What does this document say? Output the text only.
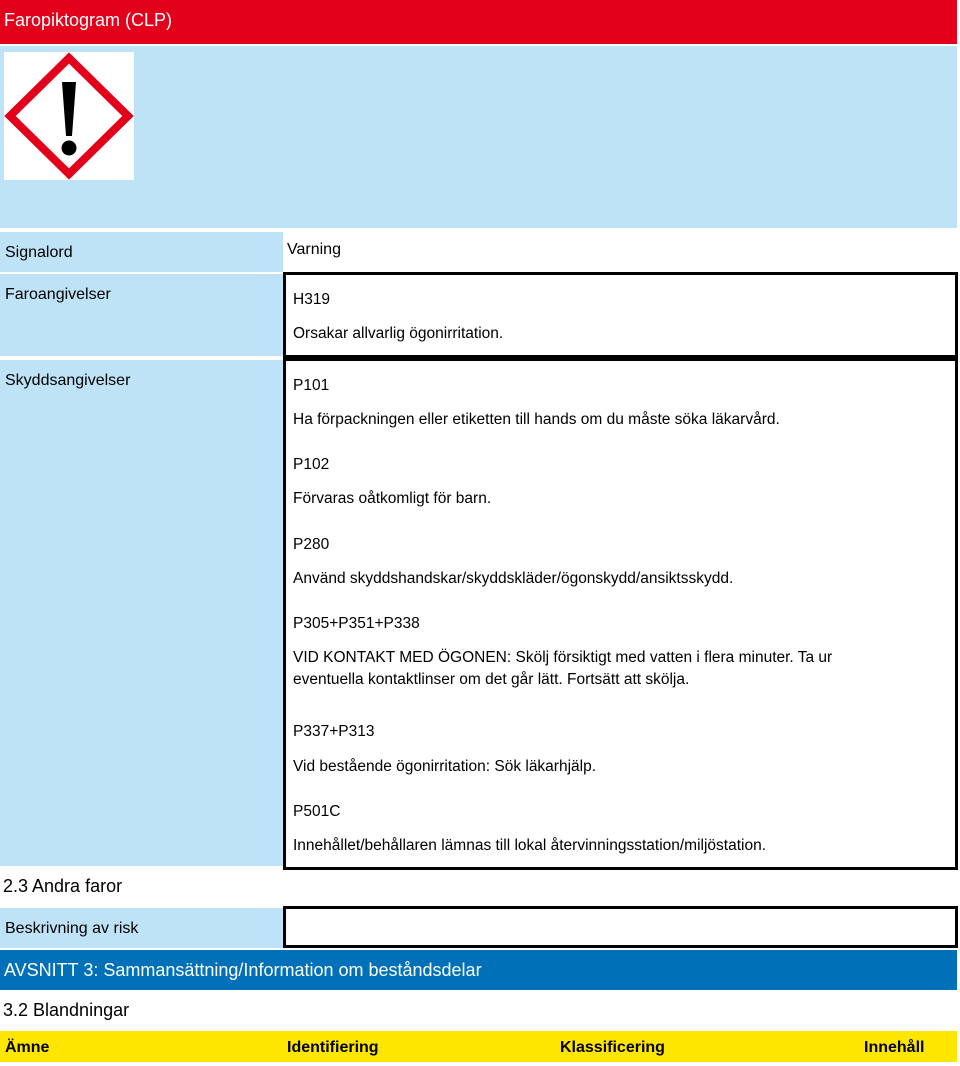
Faropiktogram (CLP)
Signalord	Varning
Faroangivelser	H319
Orsakar allvarlig ögonirritation.
Skyddsangivelser	P101
Ha förpackningen eller etiketten till hands om du måste söka läkarvård.
P102
Förvaras oåtkomligt för barn.
P280
Använd skyddshandskar/skyddskläder/ögonskydd/ansiktsskydd.
P305+P351+P338
VID KONTAKT MED ÖGONEN: Skölj försiktigt med vatten i flera minuter. Ta ur
eventuella kontaktlinser om det går lätt. Fortsätt att skölja.
P337+P313
Vid bestående ögonirritation: Sök läkarhjälp.
P501C
Innehållet/behållaren lämnas till lokal återvinningsstation/miljöstation.
2.3 Andra faror
Beskrivning av risk
AVSNITT 3: Sammansättning/Information om beståndsdelar
3.2 Blandningar
Ämne	Identifiering	Klassificering	Innehåll
